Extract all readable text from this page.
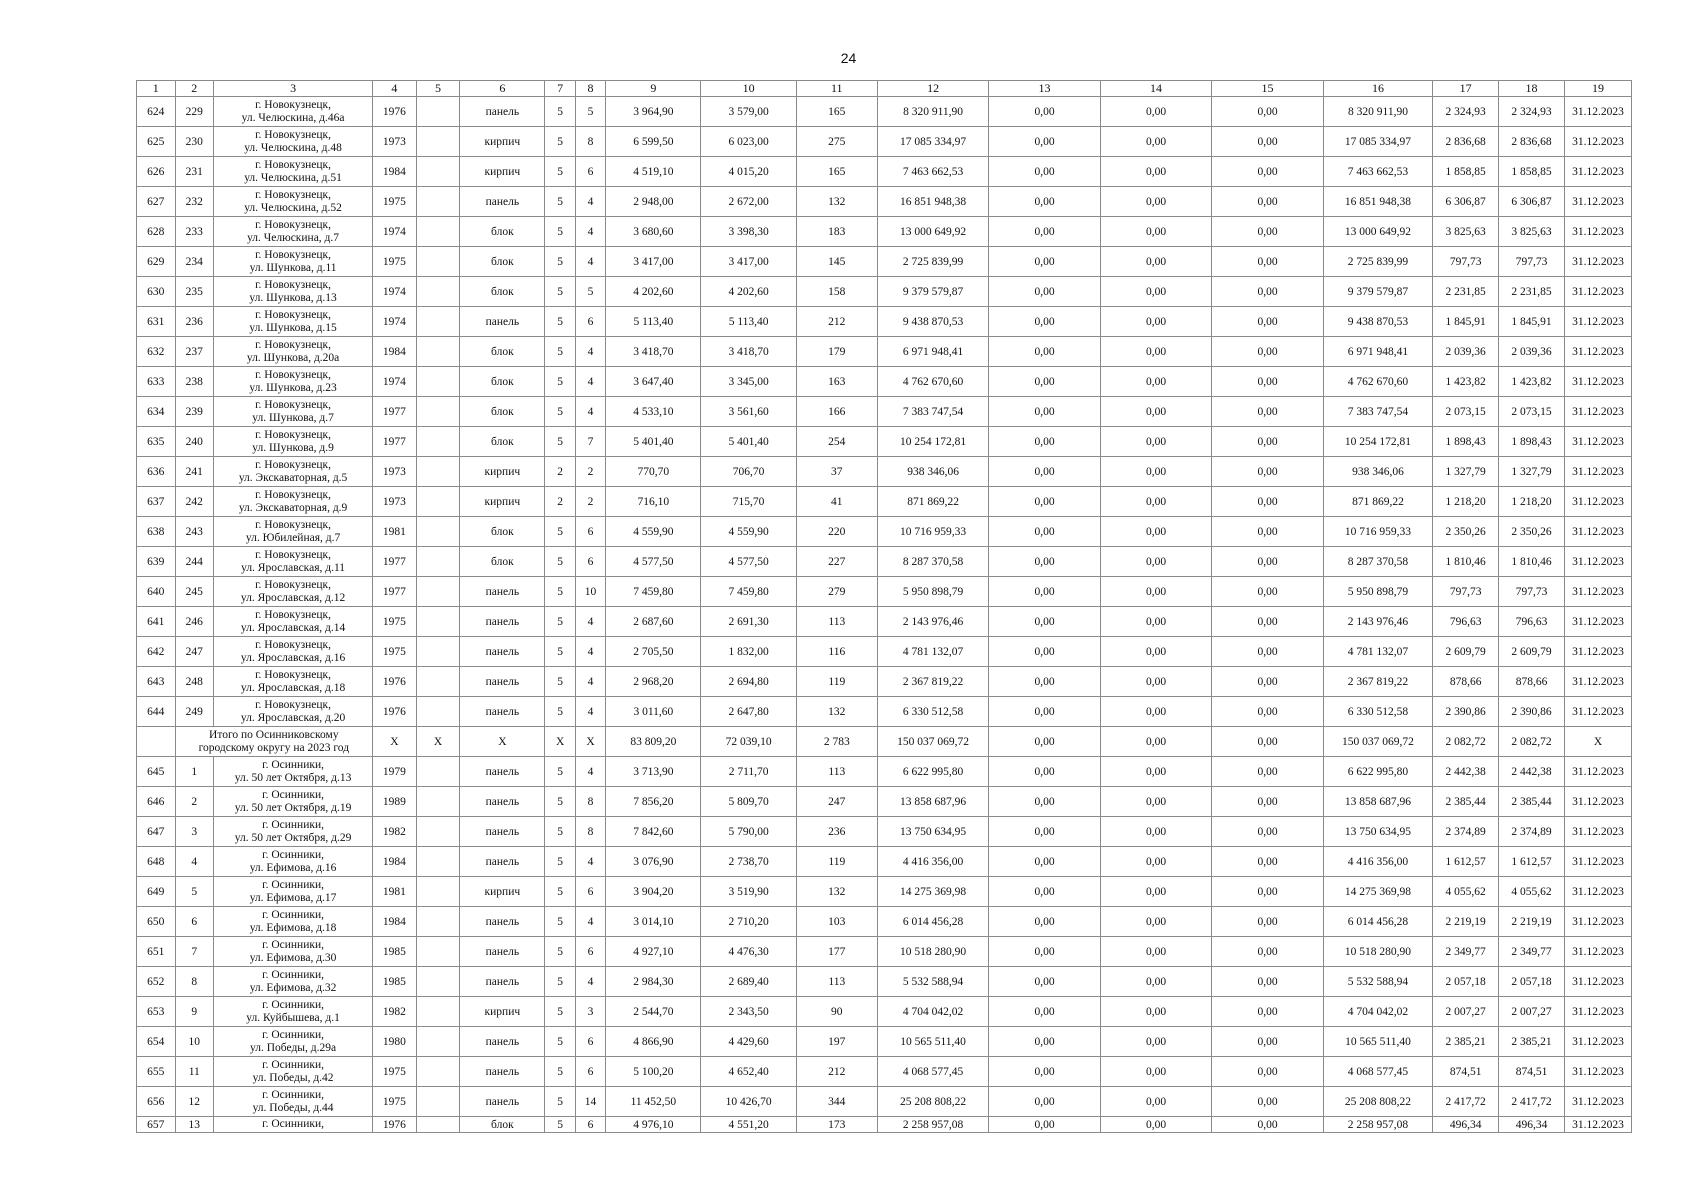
24
1	2	3	4	5	6	7	8	9	10	11	12	13	14	15	16	17	18	19
624	229	г. Новокузнецк,
ул. Челюскина, д.46а	1976		панель	5	5	3 964,90	3 579,00	165	8 320 911,90	0,00	0,00	0,00	8 320 911,90	2 324,93	2 324,93	31.12.2023
625	230	г. Новокузнецк,
ул. Челюскина, д.48	1973		кирпич	5	8	6 599,50	6 023,00	275	17 085 334,97	0,00	0,00	0,00	17 085 334,97	2 836,68	2 836,68	31.12.2023
626	231	г. Новокузнецк,
ул. Челюскина, д.51	1984		кирпич	5	6	4 519,10	4 015,20	165	7 463 662,53	0,00	0,00	0,00	7 463 662,53	1 858,85	1 858,85	31.12.2023
627	232	г. Новокузнецк,
ул. Челюскина, д.52	1975		панель	5	4	2 948,00	2 672,00	132	16 851 948,38	0,00	0,00	0,00	16 851 948,38	6 306,87	6 306,87	31.12.2023
628	233	г. Новокузнецк,
ул. Челюскина, д.7	1974		блок	5	4	3 680,60	3 398,30	183	13 000 649,92	0,00	0,00	0,00	13 000 649,92	3 825,63	3 825,63	31.12.2023
629	234	г. Новокузнецк,
ул. Шункова, д.11	1975		блок	5	4	3 417,00	3 417,00	145	2 725 839,99	0,00	0,00	0,00	2 725 839,99	797,73	797,73	31.12.2023
630	235	г. Новокузнецк,
ул. Шункова, д.13	1974		блок	5	5	4 202,60	4 202,60	158	9 379 579,87	0,00	0,00	0,00	9 379 579,87	2 231,85	2 231,85	31.12.2023
631	236	г. Новокузнецк,
ул. Шункова, д.15	1974		панель	5	6	5 113,40	5 113,40	212	9 438 870,53	0,00	0,00	0,00	9 438 870,53	1 845,91	1 845,91	31.12.2023
632	237	г. Новокузнецк,
ул. Шункова, д.20а	1984		блок	5	4	3 418,70	3 418,70	179	6 971 948,41	0,00	0,00	0,00	6 971 948,41	2 039,36	2 039,36	31.12.2023
633	238	г. Новокузнецк,
ул. Шункова, д.23	1974		блок	5	4	3 647,40	3 345,00	163	4 762 670,60	0,00	0,00	0,00	4 762 670,60	1 423,82	1 423,82	31.12.2023
634	239	г. Новокузнецк,
ул. Шункова, д.7	1977		блок	5	4	4 533,10	3 561,60	166	7 383 747,54	0,00	0,00	0,00	7 383 747,54	2 073,15	2 073,15	31.12.2023
635	240	г. Новокузнецк,
ул. Шункова, д.9	1977		блок	5	7	5 401,40	5 401,40	254	10 254 172,81	0,00	0,00	0,00	10 254 172,81	1 898,43	1 898,43	31.12.2023
636	241	г. Новокузнецк,
ул. Экскаваторная, д.5	1973		кирпич	2	2	770,70	706,70	37	938 346,06	0,00	0,00	0,00	938 346,06	1 327,79	1 327,79	31.12.2023
637	242	г. Новокузнецк,
ул. Экскаваторная, д.9	1973		кирпич	2	2	716,10	715,70	41	871 869,22	0,00	0,00	0,00	871 869,22	1 218,20	1 218,20	31.12.2023
638	243	г. Новокузнецк,
ул. Юбилейная, д.7	1981		блок	5	6	4 559,90	4 559,90	220	10 716 959,33	0,00	0,00	0,00	10 716 959,33	2 350,26	2 350,26	31.12.2023
639	244	г. Новокузнецк,
ул. Ярославская, д.11	1977		блок	5	6	4 577,50	4 577,50	227	8 287 370,58	0,00	0,00	0,00	8 287 370,58	1 810,46	1 810,46	31.12.2023
640	245	г. Новокузнецк,
ул. Ярославская, д.12	1977		панель	5	10	7 459,80	7 459,80	279	5 950 898,79	0,00	0,00	0,00	5 950 898,79	797,73	797,73	31.12.2023
641	246	г. Новокузнецк,
ул. Ярославская, д.14	1975		панель	5	4	2 687,60	2 691,30	113	2 143 976,46	0,00	0,00	0,00	2 143 976,46	796,63	796,63	31.12.2023
642	247	г. Новокузнецк,
ул. Ярославская, д.16	1975		панель	5	4	2 705,50	1 832,00	116	4 781 132,07	0,00	0,00	0,00	4 781 132,07	2 609,79	2 609,79	31.12.2023
643	248	г. Новокузнецк,
ул. Ярославская, д.18	1976		панель	5	4	2 968,20	2 694,80	119	2 367 819,22	0,00	0,00	0,00	2 367 819,22	878,66	878,66	31.12.2023
644	249	г. Новокузнецк,
ул. Ярославская, д.20	1976		панель	5	4	3 011,60	2 647,80	132	6 330 512,58	0,00	0,00	0,00	6 330 512,58	2 390,86	2 390,86	31.12.2023

	Итого по Осинниковскому
городскому округу на 2023 год		X	X	X	X	X	83 809,20	72 039,10	2 783	150 037 069,72	0,00	0,00	0,00	150 037 069,72	2 082,72	2 082,72	X
645	1	г. Осинники,
ул. 50 лет Октября, д.13	1979		панель	5	4	3 713,90	2 711,70	113	6 622 995,80	0,00	0,00	0,00	6 622 995,80	2 442,38	2 442,38	31.12.2023
646	2	г. Осинники,
ул. 50 лет Октября, д.19	1989		панель	5	8	7 856,20	5 809,70	247	13 858 687,96	0,00	0,00	0,00	13 858 687,96	2 385,44	2 385,44	31.12.2023
647	3	г. Осинники,
ул. 50 лет Октября, д.29	1982		панель	5	8	7 842,60	5 790,00	236	13 750 634,95	0,00	0,00	0,00	13 750 634,95	2 374,89	2 374,89	31.12.2023
648	4	г. Осинники,
ул. Ефимова, д.16	1984		панель	5	4	3 076,90	2 738,70	119	4 416 356,00	0,00	0,00	0,00	4 416 356,00	1 612,57	1 612,57	31.12.2023
649	5	г. Осинники,
ул. Ефимова, д.17	1981		кирпич	5	6	3 904,20	3 519,90	132	14 275 369,98	0,00	0,00	0,00	14 275 369,98	4 055,62	4 055,62	31.12.2023
650	6	г. Осинники,
ул. Ефимова, д.18	1984		панель	5	4	3 014,10	2 710,20	103	6 014 456,28	0,00	0,00	0,00	6 014 456,28	2 219,19	2 219,19	31.12.2023
651	7	г. Осинники,
ул. Ефимова, д.30	1985		панель	5	6	4 927,10	4 476,30	177	10 518 280,90	0,00	0,00	0,00	10 518 280,90	2 349,77	2 349,77	31.12.2023
652	8	г. Осинники,
ул. Ефимова, д.32	1985		панель	5	4	2 984,30	2 689,40	113	5 532 588,94	0,00	0,00	0,00	5 532 588,94	2 057,18	2 057,18	31.12.2023
653	9	г. Осинники,
ул. Куйбышева, д.1	1982		кирпич	5	3	2 544,70	2 343,50	90	4 704 042,02	0,00	0,00	0,00	4 704 042,02	2 007,27	2 007,27	31.12.2023
654	10	г. Осинники,
ул. Победы, д.29а	1980		панель	5	6	4 866,90	4 429,60	197	10 565 511,40	0,00	0,00	0,00	10 565 511,40	2 385,21	2 385,21	31.12.2023
655	11	г. Осинники,
ул. Победы, д.42	1975		панель	5	6	5 100,20	4 652,40	212	4 068 577,45	0,00	0,00	0,00	4 068 577,45	874,51	874,51	31.12.2023
656	12	г. Осинники,
ул. Победы, д.44	1975		панель	5	14	11 452,50	10 426,70	344	25 208 808,22	0,00	0,00	0,00	25 208 808,22	2 417,72	2 417,72	31.12.2023
657	13	г. Осинники,	1976		блок	5	6	4 976,10	4 551,20	173	2 258 957,08	0,00	0,00	0,00	2 258 957,08	496,34	496,34	31.12.2023
